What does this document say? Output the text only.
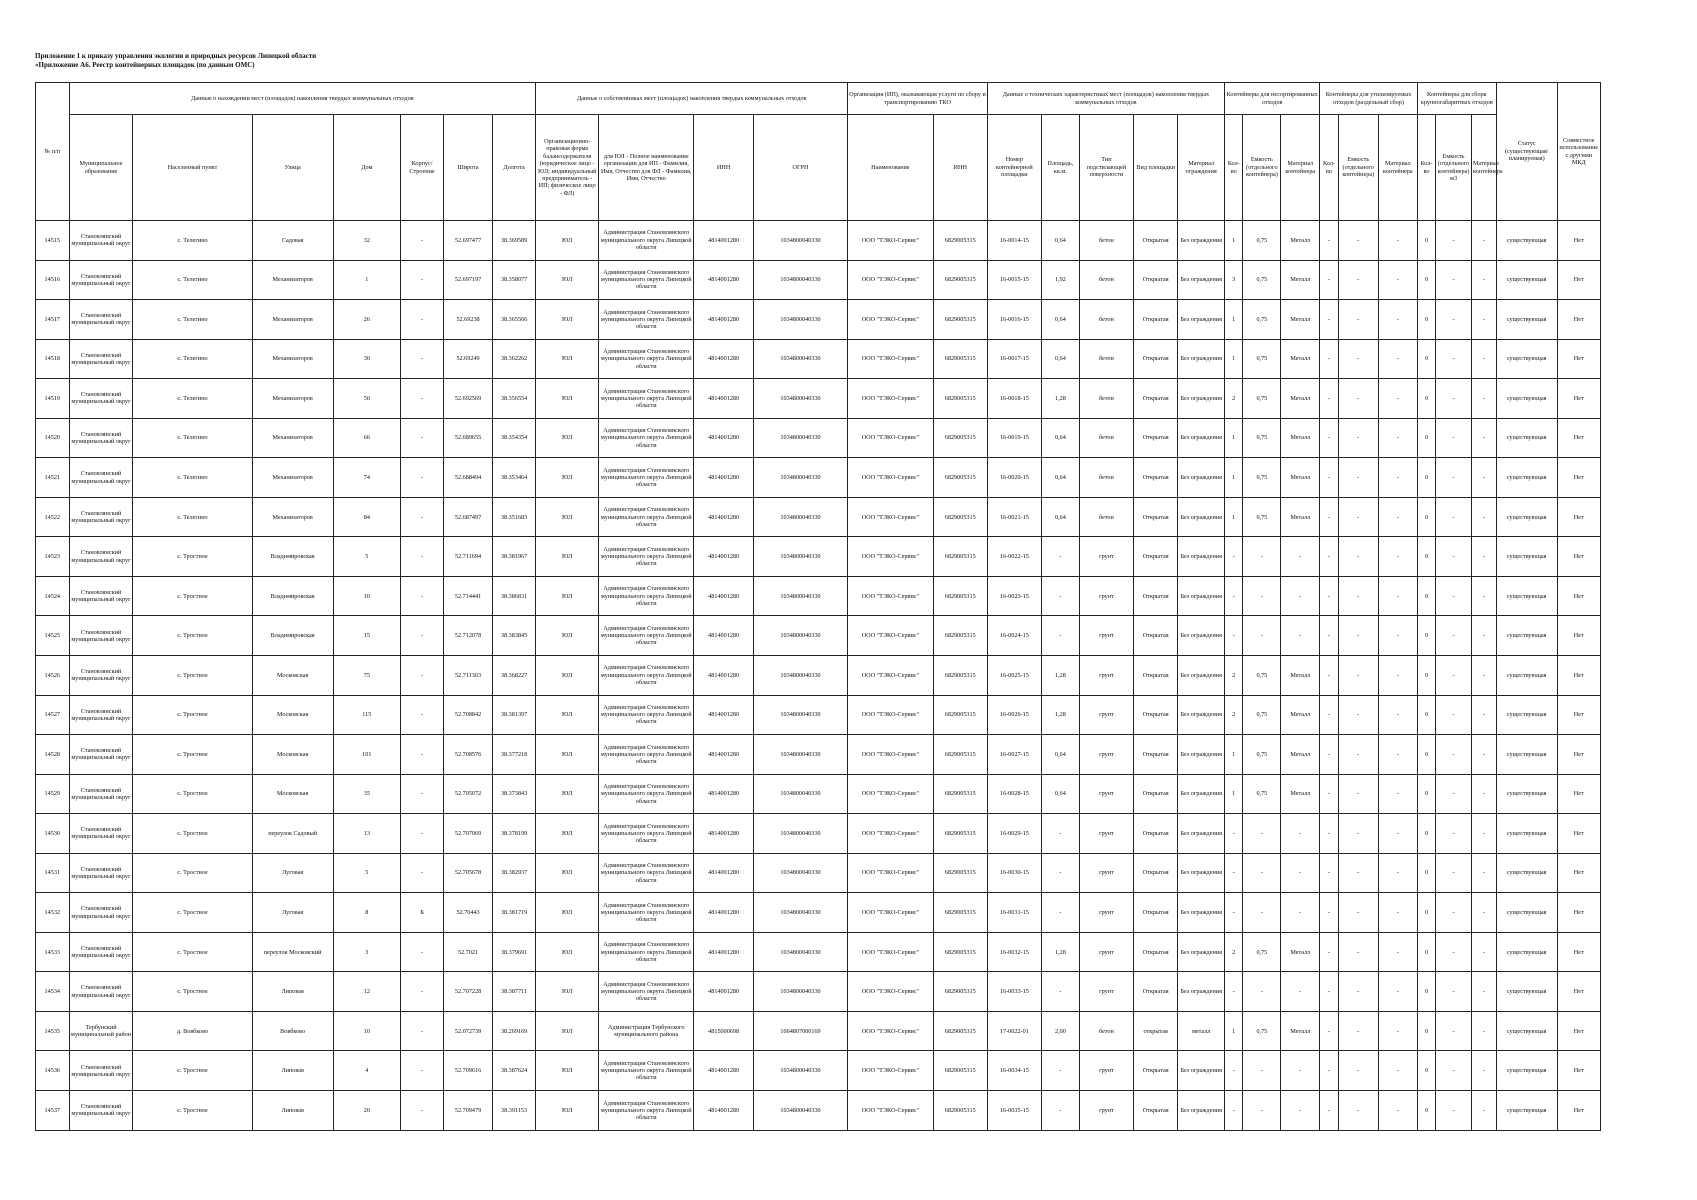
Приложение 1 к приказу управления экологии и природных ресурсов Липецкой области
«Приложение А6. Реестр контейнерных площадок (по данным ОМС)
№ п/п	Данные о нахождении мест (площадок) накопления твердых коммунальных отходов							Данные о собственниках мест (площадок) накопления твердых коммунальных отходов				Организация (ИП), оказывающая услуги по сбору и транспортированию ТКО		Данные о технических характеристиках мест (площадок) накопления твердых коммунальных отходов					Контейнеры для несортированных отходов			Контейнеры для утилизируемых отходов (раздельный сбор)			Контейнеры для сборк крупногабаритных отходов			Статус (существующая/планируемая)	Совместное использование с другими МКД
	Муниципальное образование	Населенный пункт	Улица	Дом	Корпус/Строение	Широта	Долгота	Организационно-правовая форма балансодержателя (юридическое лицо - ЮЛ; индивидуальный предприниматель - ИП; физическое лицо - ФЛ)	для ЮЛ - Полное наименование организации для ИП - Фамилия, Имя, Отчество для ФЛ - Фамилия, Имя, Отчество	ИНН	ОГРН	Наименование	ИНН	Номер контейнерной площадки	Площадь, кв.м.	Тип подстилающей поверхности	Вид площадки	Материал ограждения	Кол-во	Емкость (отдельного контейнера)	Материал контейнера	Кол-во	Емкость (отдельного контейнера)	Материал контейнера	Кол-во	Емкость (отдельного контейнера) м3	Материал контейнера		
14515	Становлянский муниципальный округ	с. Телегино	Садовая	32	-	52.697477	38.369589	ЮЛ	Администрация Становлянского муниципального округа Липецкой области	4814001280	1034800040330	ООО "ТЭКО-Сервис"	6829005315	16-0014-15	0,64	бетон	Открытая	Без ограждения	1	0,75	Металл	-	-	-	0	-	-	существующая	Нет
14516	Становлянский муниципальный округ	с. Телегино	Механизаторов	1	-	52.697197	38.358077	ЮЛ	Администрация Становлянского муниципального округа Липецкой области	4814001280	1034800040330	ООО "ТЭКО-Сервис"	6829005315	16-0015-15	1,92	бетон	Открытая	Без ограждения	3	0,75	Металл	-	-	-	0	-	-	существующая	Нет
14517	Становлянский муниципальный округ	с. Телегино	Механизаторов	26	-	52.69238	38.365566	ЮЛ	Администрация Становлянского муниципального округа Липецкой области	4814001280	1034800040330	ООО "ТЭКО-Сервис"	6829005315	16-0016-15	0,64	бетон	Открытая	Без ограждения	1	0,75	Металл	-	-	-	0	-	-	существующая	Нет
14518	Становлянский муниципальный округ	с. Телегино	Механизаторов	30	-	52.69249	38.362262	ЮЛ	Администрация Становлянского муниципального округа Липецкой области	4814001280	1034800040330	ООО "ТЭКО-Сервис"	6829005315	16-0017-15	0,64	бетон	Открытая	Без ограждения	1	0,75	Металл	-	-	-	0	-	-	существующая	Нет
14519	Становлянский муниципальный округ	с. Телегино	Механизаторов	50	-	52.692569	38.356554	ЮЛ	Администрация Становлянского муниципального округа Липецкой области	4814001280	1034800040330	ООО "ТЭКО-Сервис"	6829005315	16-0018-15	1,28	бетон	Открытая	Без ограждения	2	0,75	Металл	-	-	-	0	-	-	существующая	Нет
14520	Становлянский муниципальный округ	с. Телегино	Механизаторов	66	-	52.689655	38.354354	ЮЛ	Администрация Становлянского муниципального округа Липецкой области	4814001280	1034800040330	ООО "ТЭКО-Сервис"	6829005315	16-0019-15	0,64	бетон	Открытая	Без ограждения	1	0,75	Металл	-	-	-	0	-	-	существующая	Нет
14521	Становлянский муниципальный округ	с. Телегино	Механизаторов	74	-	52.688494	38.353464	ЮЛ	Администрация Становлянского муниципального округа Липецкой области	4814001280	1034800040330	ООО "ТЭКО-Сервис"	6829005315	16-0020-15	0,64	бетон	Открытая	Без ограждения	1	0,75	Металл	-	-	-	0	-	-	существующая	Нет
14522	Становлянский муниципальный округ	с. Телегино	Механизаторов	84	-	52.687497	38.351683	ЮЛ	Администрация Становлянского муниципального округа Липецкой области	4814001280	1034800040330	ООО "ТЭКО-Сервис"	6829005315	16-0021-15	0,64	бетон	Открытая	Без ограждения	1	0,75	Металл	-	-	-	0	-	-	существующая	Нет
14523	Становлянский муниципальный округ	с. Тростное	Владимировская	5	-	52.711694	38.381967	ЮЛ	Администрация Становлянского муниципального округа Липецкой области	4814001280	1034800040330	ООО "ТЭКО-Сервис"	6829005315	16-0022-15	-	грунт	Открытая	Без ограждения	-	-	-	-	-	-	0	-	-	существующая	Нет
14524	Становлянский муниципальный округ	с. Тростное	Владимировская	10	-	52.714441	38.386831	ЮЛ	Администрация Становлянского муниципального округа Липецкой области	4814001280	1034800040330	ООО "ТЭКО-Сервис"	6829005315	16-0023-15	-	грунт	Открытая	Без ограждения	-	-	-	-	-	-	0	-	-	существующая	Нет
14525	Становлянский муниципальный округ	с. Тростное	Владимировская	15	-	52.712078	38.383845	ЮЛ	Администрация Становлянского муниципального округа Липецкой области	4814001280	1034800040330	ООО "ТЭКО-Сервис"	6829005315	16-0024-15	-	грунт	Открытая	Без ограждения	-	-	-	-	-	-	0	-	-	существующая	Нет
14526	Становлянский муниципальный округ	с. Тростное	Московская	75	-	52.711303	38.368227	ЮЛ	Администрация Становлянского муниципального округа Липецкой области	4814001280	1034800040330	ООО "ТЭКО-Сервис"	6829005315	16-0025-15	1,28	грунт	Открытая	Без ограждения	2	0,75	Металл	-	-	-	0	-	-	существующая	Нет
14527	Становлянский муниципальный округ	с. Тростное	Московская	115	-	52.708842	38.381397	ЮЛ	Администрация Становлянского муниципального округа Липецкой области	4814001280	1034800040330	ООО "ТЭКО-Сервис"	6829005315	16-0026-15	1,28	грунт	Открытая	Без ограждения	2	0,75	Металл	-	-	-	0	-	-	существующая	Нет
14528	Становлянский муниципальный округ	с. Тростное	Московская	101	-	52.708576	38.377218	ЮЛ	Администрация Становлянского муниципального округа Липецкой области	4814001280	1034800040330	ООО "ТЭКО-Сервис"	6829005315	16-0027-15	0,64	грунт	Открытая	Без ограждения	1	0,75	Металл	-	-	-	0	-	-	существующая	Нет
14529	Становлянский муниципальный округ	с. Тростное	Московская	35	-	52.705072	38.373843	ЮЛ	Администрация Становлянского муниципального округа Липецкой области	4814001280	1034800040330	ООО "ТЭКО-Сервис"	6829005315	16-0028-15	0,64	грунт	Открытая	Без ограждения	1	0,75	Металл	-	-	-	0	-	-	существующая	Нет
14530	Становлянский муниципальный округ	с. Тростное	переулок Садовый	13	-	52.707069	38.378199	ЮЛ	Администрация Становлянского муниципального округа Липецкой области	4814001280	1034800040330	ООО "ТЭКО-Сервис"	6829005315	16-0029-15	-	грунт	Открытая	Без ограждения	-	-	-	-	-	-	0	-	-	существующая	Нет
14531	Становлянский муниципальный округ	с. Тростное	Луговая	5	-	52.705678	38.382937	ЮЛ	Администрация Становлянского муниципального округа Липецкой области	4814001280	1034800040330	ООО "ТЭКО-Сервис"	6829005315	16-0030-15	-	грунт	Открытая	Без ограждения	-	-	-	-	-	-	0	-	-	существующая	Нет
14532	Становлянский муниципальный округ	с. Тростное	Луговая	8	Б	52.70443	38.381719	ЮЛ	Администрация Становлянского муниципального округа Липецкой области	4814001280	1034800040330	ООО "ТЭКО-Сервис"	6829005315	16-0031-15	-	грунт	Открытая	Без ограждения	-	-	-	-	-	-	0	-	-	существующая	Нет
14533	Становлянский муниципальный округ	с. Тростное	переулок Московский	3	-	52.7021	38.379691	ЮЛ	Администрация Становлянского муниципального округа Липецкой области	4814001280	1034800040330	ООО "ТЭКО-Сервис"	6829005315	16-0032-15	1,28	грунт	Открытая	Без ограждения	2	0,75	Металл	-	-	-	0	-	-	существующая	Нет
14534	Становлянский муниципальный округ	с. Тростное	Липовая	12	-	52.707228	38.387711	ЮЛ	Администрация Становлянского муниципального округа Липецкой области	4814001280	1034800040330	ООО "ТЭКО-Сервис"	6829005315	16-0033-15	-	грунт	Открытая	Без ограждения	-	-	-	-	-	-	0	-	-	существующая	Нет
14535	Тербунский муниципальный район	д. Вовбково	Вовбково	10	-	52.072739	38.269169	ЮЛ	Администрация Тербунского муниципального района	4815000698	1064807000169	ООО "ТЭКО-Сервис"	6829005315	17-0022-01	2,00	бетон	открытая	металл	1	0,75	Металл	-	-	-	0	-	-	существующая	Нет
14536	Становлянский муниципальный округ	с. Тростное	Липовая	4	-	52.709616	38.387624	ЮЛ	Администрация Становлянского муниципального округа Липецкой области	4814001280	1034800040330	ООО "ТЭКО-Сервис"	6829005315	16-0034-15	-	грунт	Открытая	Без ограждения	-	-	-	-	-	-	0	-	-	существующая	Нет
14537	Становлянский муниципальный округ	с. Тростное	Липовая	20	-	52.709479	38.391153	ЮЛ	Администрация Становлянского муниципального округа Липецкой области	4814001280	1034800040330	ООО "ТЭКО-Сервис"	6829005315	16-0035-15	-	грунт	Открытая	Без ограждения	-	-	-	-	-	-	0	-	-	существующая	Нет
